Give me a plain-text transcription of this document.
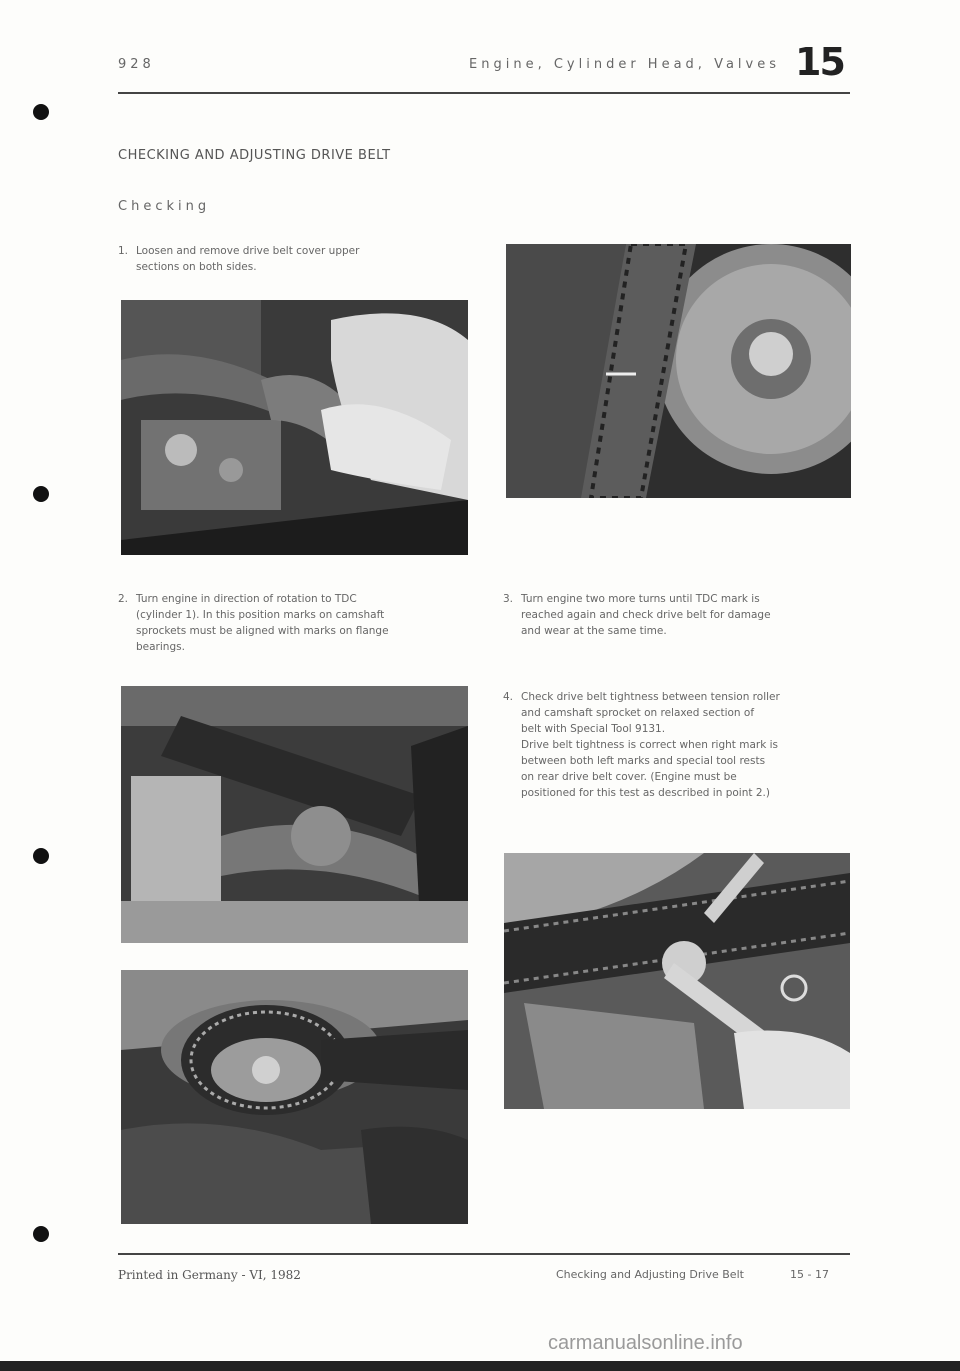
928	Engine, Cylinder Head, Valves 15
CHECKING AND ADJUSTING DRIVE BELT
Checking
1. Loosen and remove drive belt cover upper
sections on both sides.
2. Turn engine in direction of rotation to TDC
(cylinder 1). In this position marks on camshaft
sprockets must be aligned with marks on flange
bearings.
3. Turn engine two more turns until TDC mark is
reached again and check drive belt for damage
and wear at the same time.
4. Check drive belt tightness between tension roller
and camshaft sprocket on relaxed section of
belt with Special Tool 9131.
Drive belt tightness is correct when right mark is
between both left marks and special tool rests
on rear drive belt cover. (Engine must be
positioned for this test as described in point 2.)
Printed in Germany - VI, 1982	Checking and Adjusting Drive Belt	15 - 17
carmanualsonline.info
